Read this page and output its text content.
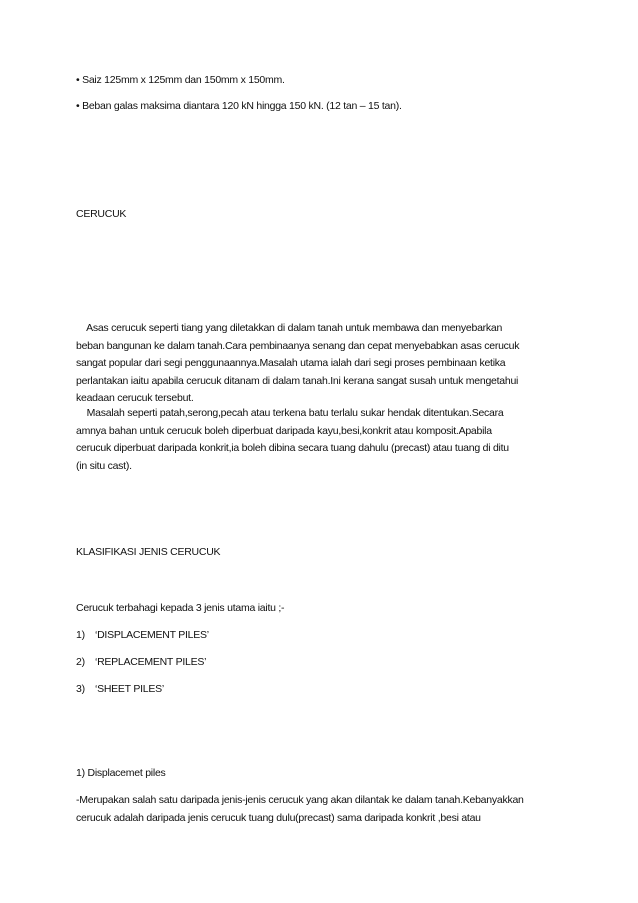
• Saiz 125mm x 125mm dan 150mm x 150mm.

• Beban galas maksima diantara 120 kN hingga 150 kN. (12 tan – 15 tan).

CERUCUK

Asas cerucuk seperti tiang yang diletakkan di dalam tanah untuk membawa dan menyebarkan
beban bangunan ke dalam tanah.Cara pembinaanya senang dan cepat menyebabkan asas cerucuk
sangat popular dari segi penggunaannya.Masalah utama ialah dari segi proses pembinaan ketika
perlantakan iaitu apabila cerucuk ditanam di dalam tanah.Ini kerana sangat susah untuk mengetahui
keadaan cerucuk tersebut.
Masalah seperti patah,serong,pecah atau terkena batu terlalu sukar hendak ditentukan.Secara
amnya bahan untuk cerucuk boleh diperbuat daripada kayu,besi,konkrit atau komposit.Apabila
cerucuk diperbuat daripada konkrit,ia boleh dibina secara tuang dahulu (precast) atau tuang di ditu
(in situ cast).

KLASIFIKASI JENIS CERUCUK

Cerucuk terbahagi kepada 3 jenis utama iaitu ;-

1) ‘DISPLACEMENT PILES’

2) ‘REPLACEMENT PILES’

3) ‘SHEET PILES’

1) Displacemet piles

-Merupakan salah satu daripada jenis-jenis cerucuk yang akan dilantak ke dalam tanah.Kebanyakkan
cerucuk adalah daripada jenis cerucuk tuang dulu(precast) sama daripada konkrit ,besi atau
